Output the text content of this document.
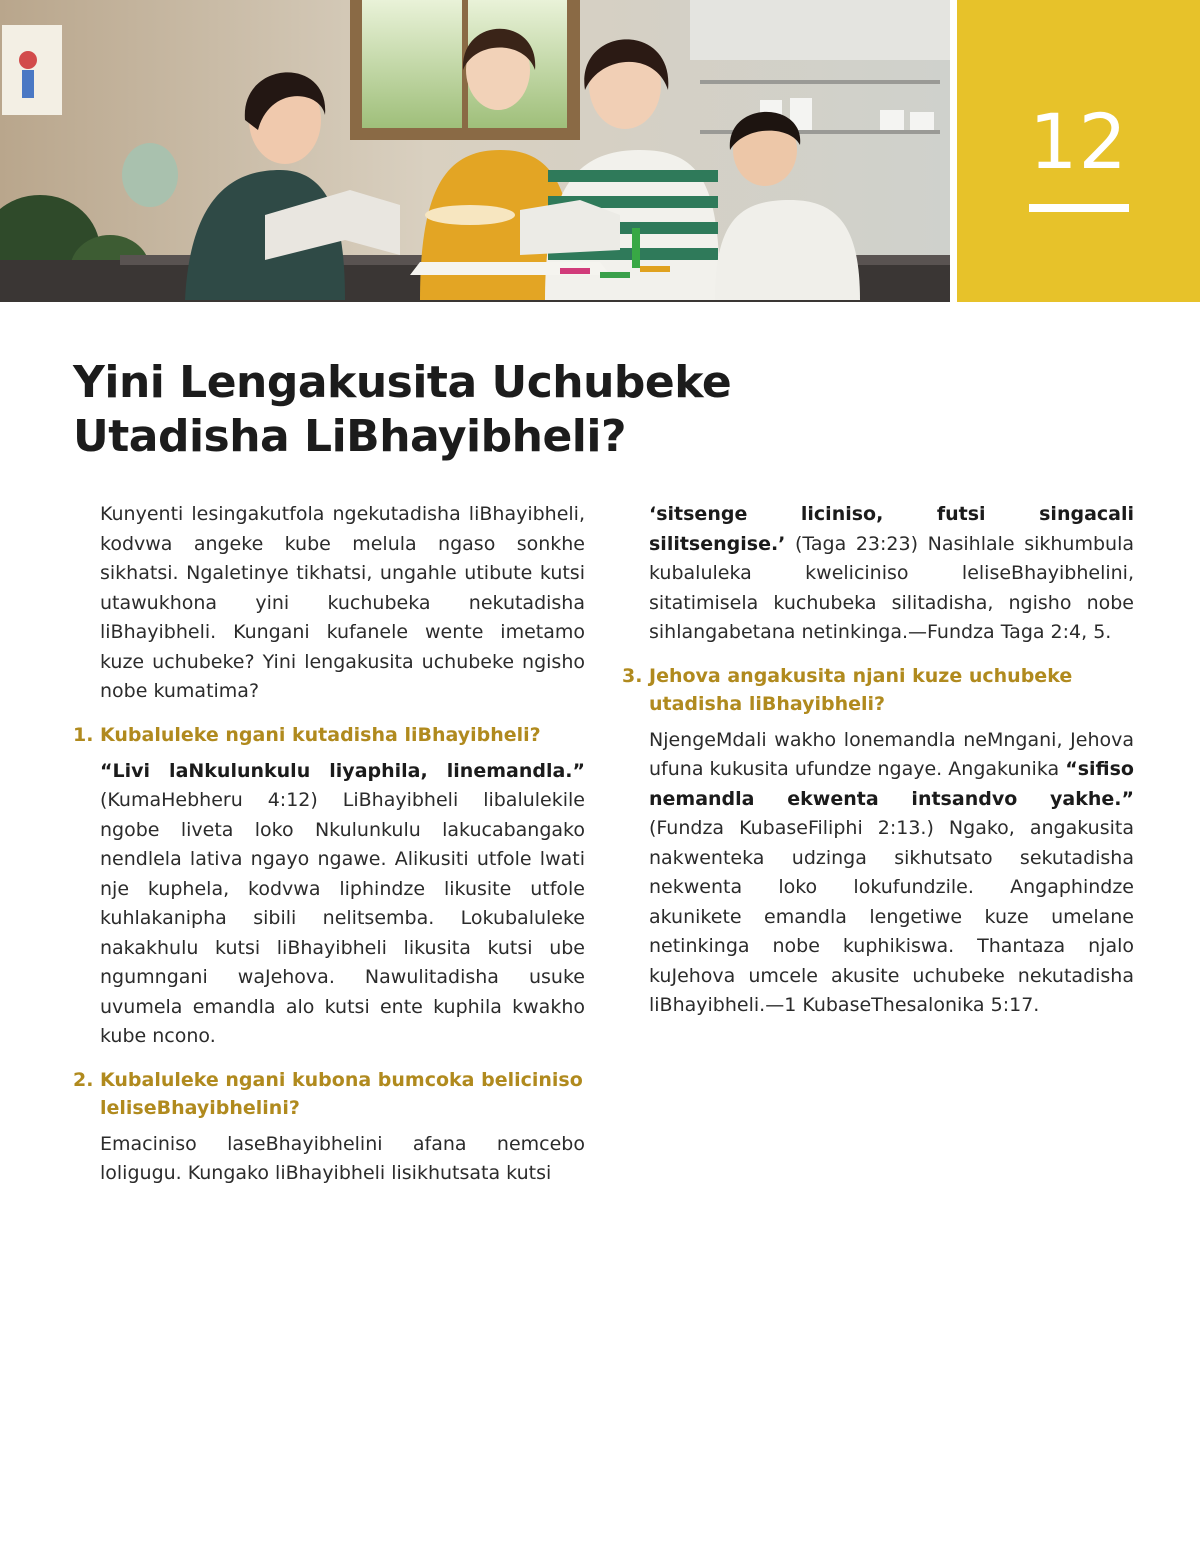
12
Yini Lengakusita Uchubeke Utadisha LiBhayibheli?

Kunyenti lesingakutfola ngekutadisha liBhayibheli, kodvwa angeke kube melula ngaso sonkhe sikhatsi. Ngaletinye tikhatsi, ungahle utibute kutsi utawukhona yini kuchubeka nekutadisha liBhayibheli. Kungani kufanele wente imetamo kuze uchubeke? Yini lengakusita uchubeke ngisho nobe kumatima?

1. Kubaluleke ngani kutadisha liBhayibheli?

“Livi laNkulunkulu liyaphila, linemandla.” (KumaHebheru 4:12) LiBhayibheli libalulekile ngobe liveta loko Nkulunkulu lakucabangako nendlela lativa ngayo ngawe. Alikusiti utfole lwati nje kuphela, kodvwa liphindze likusite utfole kuhlakanipha sibili nelitsemba. Lokubaluleke nakakhulu kutsi liBhayibheli likusita kutsi ube ngumngani waJehova. Nawulitadisha usuke uvumela emandla alo kutsi ente kuphila kwakho kube ncono.

2. Kubaluleke ngani kubona bumcoka beliciniso leliseBhayibhelini?

Emaciniso laseBhayibhelini afana nemcebo loligugu. Kungako liBhayibheli lisikhutsata kutsi

‘sitsenge liciniso, futsi singacali silitsengise.’ (Taga 23:23) Nasihlale sikhumbula kubaluleka kweliciniso leliseBhayibhelini, sitatimisela kuchubeka silitadisha, ngisho nobe sihlangabetana netinkinga.—Fundza Taga 2:4, 5.

3. Jehova angakusita njani kuze uchubeke utadisha liBhayibheli?

NjengeMdali wakho lonemandla neMngani, Jehova ufuna kukusita ufundze ngaye. Angakunika “sifiso nemandla ekwenta intsandvo yakhe.” (Fundza KubaseFiliphi 2:13.) Ngako, angakusita nakwenteka udzinga sikhutsato sekutadisha nekwenta loko lokufundzile. Angaphindze akunikete emandla lengetiwe kuze umelane netinkinga nobe kuphikiswa. Thantaza njalo kuJehova umcele akusite uchubeke nekutadisha liBhayibheli.—1 KubaseThesalonika 5:17.
